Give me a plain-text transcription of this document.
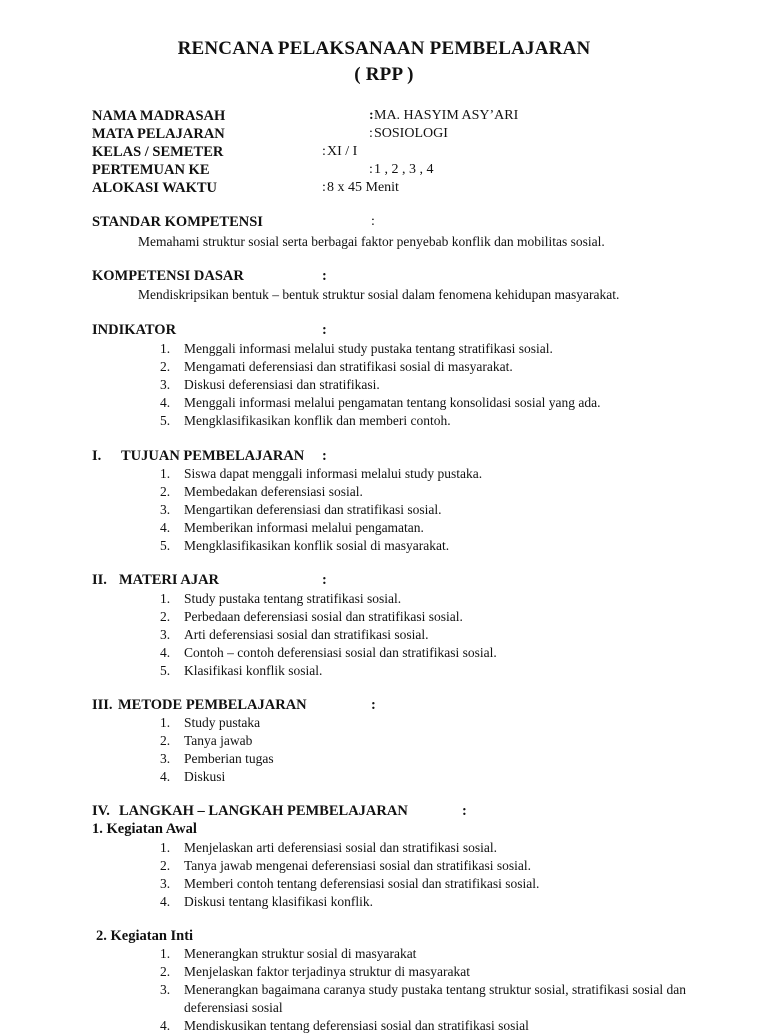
RENCANA PELAKSANAAN PEMBELAJARAN
( RPP )
NAMA MADRASAH	: MA. HASYIM ASY’ARI
MATA PELAJARAN	: SOSIOLOGI
KELAS / SEMETER	: XI / I
PERTEMUAN KE	: 1 , 2 , 3 , 4
ALOKASI WAKTU	: 8 x 45 Menit
STANDAR KOMPETENSI	:
Memahami struktur sosial serta berbagai faktor penyebab konflik dan mobilitas sosial.
KOMPETENSI DASAR	:
Mendiskripsikan bentuk – bentuk struktur sosial dalam fenomena kehidupan masyarakat.
INDIKATOR	:
1. Menggali informasi melalui study pustaka tentang stratifikasi sosial.
2. Mengamati deferensiasi dan stratifikasi sosial di masyarakat.
3. Diskusi deferensiasi dan stratifikasi.
4. Menggali informasi melalui pengamatan tentang konsolidasi sosial yang ada.
5. Mengklasifikasikan konflik dan memberi contoh.
I. TUJUAN PEMBELAJARAN :
1. Siswa dapat menggali informasi melalui study pustaka.
2. Membedakan deferensiasi sosial.
3. Mengartikan deferensiasi dan stratifikasi sosial.
4. Memberikan informasi melalui pengamatan.
5. Mengklasifikasikan konflik sosial di masyarakat.
II. MATERI AJAR	:
1. Study pustaka tentang stratifikasi sosial.
2. Perbedaan deferensiasi sosial dan stratifikasi sosial.
3. Arti deferensiasi sosial dan stratifikasi sosial.
4. Contoh – contoh deferensiasi sosial dan stratifikasi sosial.
5. Klasifikasi konflik sosial.
III. METODE PEMBELAJARAN	:
1. Study pustaka
2. Tanya jawab
3. Pemberian tugas
4. Diskusi
IV. LANGKAH – LANGKAH PEMBELAJARAN	:
1. Kegiatan Awal
1. Menjelaskan arti deferensiasi sosial dan stratifikasi sosial.
2. Tanya jawab mengenai deferensiasi sosial dan stratifikasi sosial.
3. Memberi contoh tentang deferensiasi sosial dan stratifikasi sosial.
4. Diskusi tentang klasifikasi konflik.
2. Kegiatan Inti
1. Menerangkan struktur sosial di masyarakat
2. Menjelaskan faktor terjadinya struktur di masyarakat
3. Menerangkan bagaimana caranya study pustaka tentang struktur sosial, stratifikasi sosial dan deferensiasi sosial
4. Mendiskusikan tentang deferensiasi sosial dan stratifikasi sosial
